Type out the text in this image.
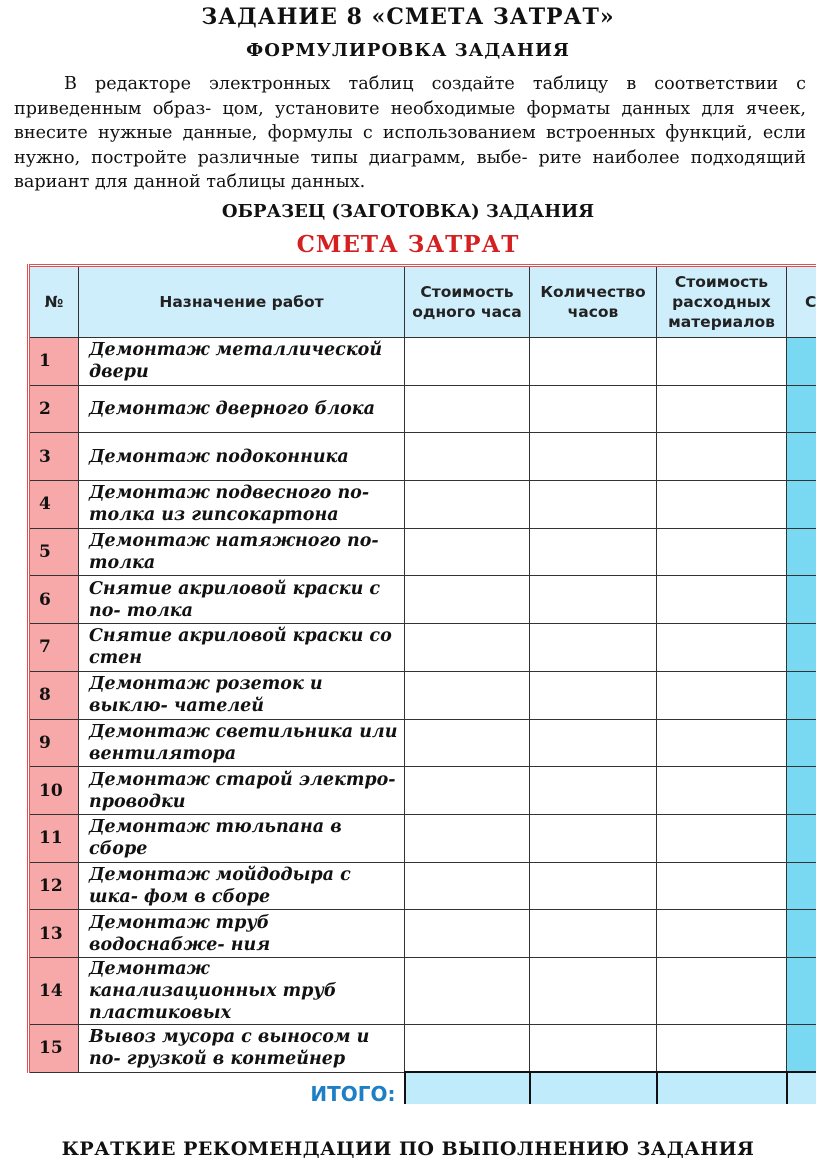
ЗАДАНИЕ 8 «СМЕТА ЗАТРАТ»
ФОРМУЛИРОВКА ЗАДАНИЯ

В редакторе электронных таблиц создайте таблицу в соответствии с приведенным образ- цом, установите необходимые форматы данных для ячеек, внесите нужные данные, формулы с использованием встроенных функций, если нужно, постройте различные типы диаграмм, выбе- рите наиболее подходящий вариант для данной таблицы данных.

ОБРАЗЕЦ (ЗАГОТОВКА) ЗАДАНИЯ
СМЕТА ЗАТРАТ
№	Назначение работ	Стоимость одного часа	Количество часов	Стоимость расходных материалов	С
1	Демонтаж металлической двери				
2	Демонтаж дверного блока				
3	Демонтаж подоконника				
4	Демонтаж подвесного по- толка из гипсокартона				
5	Демонтаж натяжного по- толка				
6	Снятие акриловой краски с по- толка				
7	Снятие акриловой краски со стен				
8	Демонтаж розеток и выклю- чателей				
9	Демонтаж светильника или вентилятора				
10	Демонтаж старой электро- проводки				
11	Демонтаж тюльпана в сборе				
12	Демонтаж мойдодыра с шка- фом в сборе				
13	Демонтаж труб водоснабже- ния				
14	Демонтаж канализационных труб пластиковых				
15	Вывоз мусора с выносом и по- грузкой в контейнер				
	ИТОГО:				
КРАТКИЕ РЕКОМЕНДАЦИИ ПО ВЫПОЛНЕНИЮ ЗАДАНИЯ
